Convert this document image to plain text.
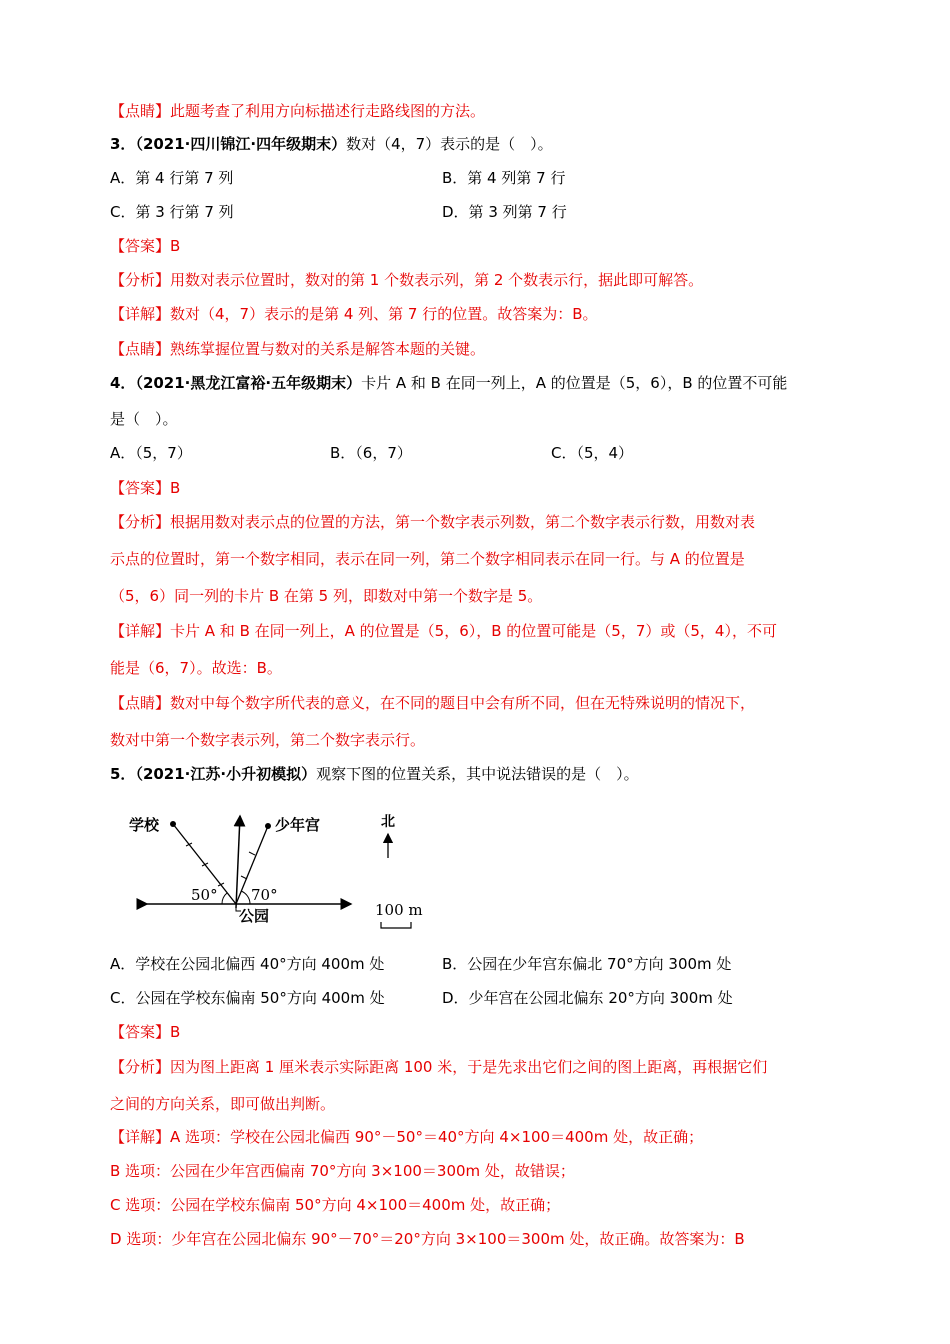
【点睛】此题考查了利用方向标描述行走路线图的方法。
3．（2021·四川锦江·四年级期末）数对（4，7）表示的是（　）。
A．第 4 行第 7 列	B．第 4 列第 7 行
C．第 3 行第 7 列	D．第 3 列第 7 行
【答案】B
【分析】用数对表示位置时，数对的第 1 个数表示列，第 2 个数表示行，据此即可解答。
【详解】数对（4，7）表示的是第 4 列、第 7 行的位置。故答案为：B。
【点睛】熟练掌握位置与数对的关系是解答本题的关键。
4．（2021·黑龙江富裕·五年级期末）卡片 A 和 B 在同一列上，A 的位置是（5，6），B 的位置不可能
是（　）。
A．（5，7）	B．（6，7）	C．（5，4）
【答案】B
【分析】根据用数对表示点的位置的方法，第一个数字表示列数，第二个数字表示行数，用数对表
示点的位置时，第一个数字相同，表示在同一列，第二个数字相同表示在同一行。与 A 的位置是
（5，6）同一列的卡片 B 在第 5 列，即数对中第一个数字是 5。
【详解】卡片 A 和 B 在同一列上，A 的位置是（5，6），B 的位置可能是（5，7）或（5，4），不可
能是（6，7）。故选：B。
【点睛】数对中每个数字所代表的意义，在不同的题目中会有所不同，但在无特殊说明的情况下，
数对中第一个数字表示列，第二个数字表示行。
5．（2021·江苏·小升初模拟）观察下图的位置关系，其中说法错误的是（　）。
学校	少年宫
50° 70°
公园
北
100 m
A．学校在公园北偏西 40°方向 400m 处	B．公园在少年宫东偏北 70°方向 300m 处
C．公园在学校东偏南 50°方向 400m 处	D．少年宫在公园北偏东 20°方向 300m 处
【答案】B
【分析】因为图上距离 1 厘米表示实际距离 100 米，于是先求出它们之间的图上距离，再根据它们
之间的方向关系，即可做出判断。
【详解】A 选项：学校在公园北偏西 90°－50°＝40°方向 4×100＝400m 处，故正确；
B 选项：公园在少年宫西偏南 70°方向 3×100＝300m 处，故错误；
C 选项：公园在学校东偏南 50°方向 4×100＝400m 处，故正确；
D 选项：少年宫在公园北偏东 90°－70°＝20°方向 3×100＝300m 处，故正确。故答案为：B
